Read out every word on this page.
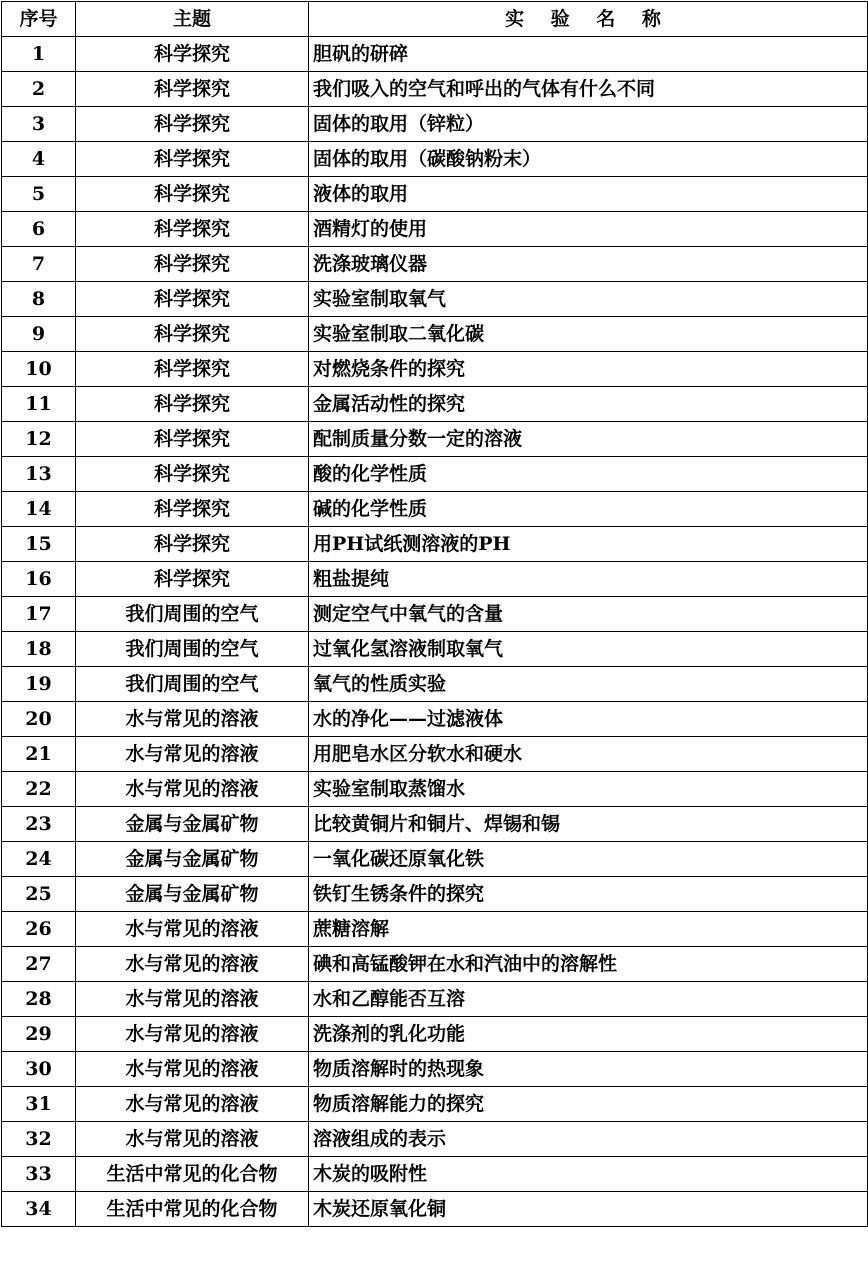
序号	主题	实 验 名 称
1	科学探究	胆矾的研碎
2	科学探究	我们吸入的空气和呼出的气体有什么不同
3	科学探究	固体的取用（锌粒）
4	科学探究	固体的取用（碳酸钠粉末）
5	科学探究	液体的取用
6	科学探究	酒精灯的使用
7	科学探究	洗涤玻璃仪器
8	科学探究	实验室制取氧气
9	科学探究	实验室制取二氧化碳
10	科学探究	对燃烧条件的探究
11	科学探究	金属活动性的探究
12	科学探究	配制质量分数一定的溶液
13	科学探究	酸的化学性质
14	科学探究	碱的化学性质
15	科学探究	用PH试纸测溶液的PH
16	科学探究	粗盐提纯
17	我们周围的空气	测定空气中氧气的含量
18	我们周围的空气	过氧化氢溶液制取氧气
19	我们周围的空气	氧气的性质实验
20	水与常见的溶液	水的净化——过滤液体
21	水与常见的溶液	用肥皂水区分软水和硬水
22	水与常见的溶液	实验室制取蒸馏水
23	金属与金属矿物	比较黄铜片和铜片、焊锡和锡
24	金属与金属矿物	一氧化碳还原氧化铁
25	金属与金属矿物	铁钉生锈条件的探究
26	水与常见的溶液	蔗糖溶解
27	水与常见的溶液	碘和高锰酸钾在水和汽油中的溶解性
28	水与常见的溶液	水和乙醇能否互溶
29	水与常见的溶液	洗涤剂的乳化功能
30	水与常见的溶液	物质溶解时的热现象
31	水与常见的溶液	物质溶解能力的探究
32	水与常见的溶液	溶液组成的表示
33	生活中常见的化合物	木炭的吸附性
34	生活中常见的化合物	木炭还原氧化铜
